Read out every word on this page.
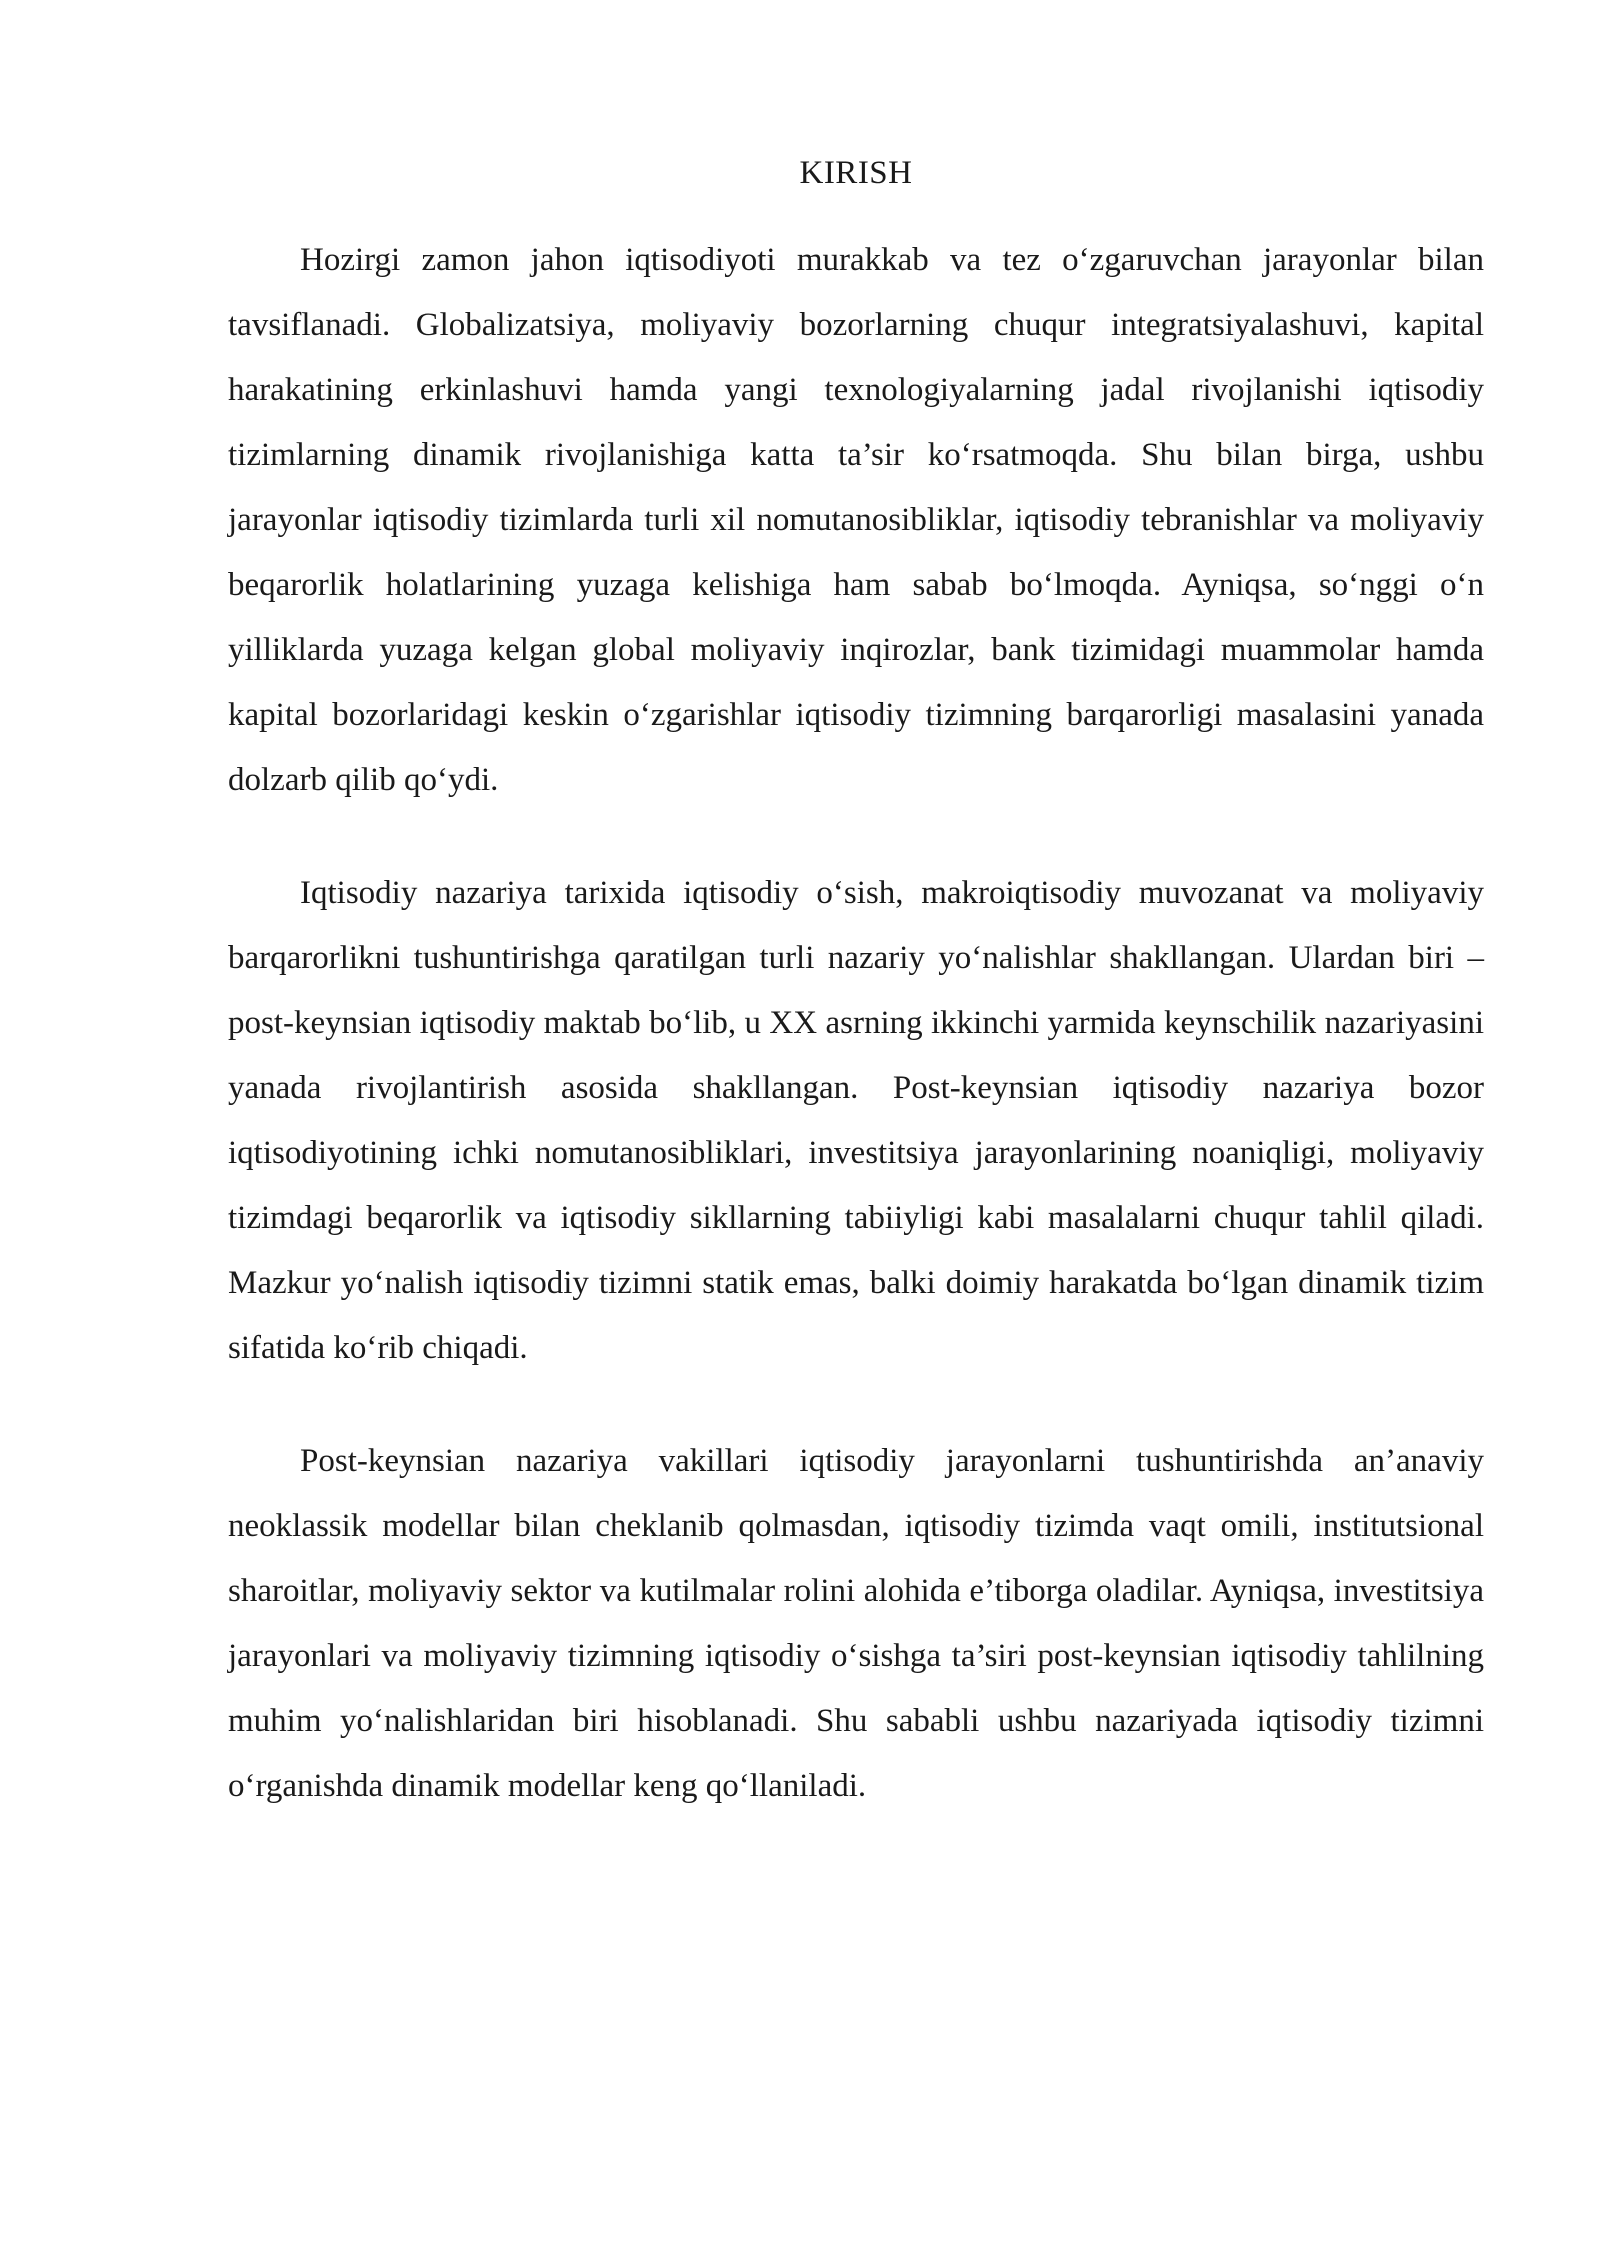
KIRISH

Hozirgi zamon jahon iqtisodiyoti murakkab va tez o‘zgaruvchan jarayonlar bilan tavsiflanadi. Globalizatsiya, moliyaviy bozorlarning chuqur integratsiyalashuvi, kapital harakatining erkinlashuvi hamda yangi texnologiyalarning jadal rivojlanishi iqtisodiy tizimlarning dinamik rivojlanishiga katta ta’sir ko‘rsatmoqda. Shu bilan birga, ushbu jarayonlar iqtisodiy tizimlarda turli xil nomutanosibliklar, iqtisodiy tebranishlar va moliyaviy beqarorlik holatlarining yuzaga kelishiga ham sabab bo‘lmoqda. Ayniqsa, so‘nggi o‘n yilliklarda yuzaga kelgan global moliyaviy inqirozlar, bank tizimidagi muammolar hamda kapital bozorlaridagi keskin o‘zgarishlar iqtisodiy tizimning barqarorligi masalasini yanada dolzarb qilib qo‘ydi.

Iqtisodiy nazariya tarixida iqtisodiy o‘sish, makroiqtisodiy muvozanat va moliyaviy barqarorlikni tushuntirishga qaratilgan turli nazariy yo‘nalishlar shakllangan. Ulardan biri – post-keynsian iqtisodiy maktab bo‘lib, u XX asrning ikkinchi yarmida keynschilik nazariyasini yanada rivojlantirish asosida shakllangan. Post-keynsian iqtisodiy nazariya bozor iqtisodiyotining ichki nomutanosibliklari, investitsiya jarayonlarining noaniqligi, moliyaviy tizimdagi beqarorlik va iqtisodiy sikllarning tabiiyligi kabi masalalarni chuqur tahlil qiladi. Mazkur yo‘nalish iqtisodiy tizimni statik emas, balki doimiy harakatda bo‘lgan dinamik tizim sifatida ko‘rib chiqadi.

Post-keynsian nazariya vakillari iqtisodiy jarayonlarni tushuntirishda an’anaviy neoklassik modellar bilan cheklanib qolmasdan, iqtisodiy tizimda vaqt omili, institutsional sharoitlar, moliyaviy sektor va kutilmalar rolini alohida e’tiborga oladilar. Ayniqsa, investitsiya jarayonlari va moliyaviy tizimning iqtisodiy o‘sishga ta’siri post-keynsian iqtisodiy tahlilning muhim yo‘nalishlaridan biri hisoblanadi. Shu sababli ushbu nazariyada iqtisodiy tizimni o‘rganishda dinamik modellar keng qo‘llaniladi.
